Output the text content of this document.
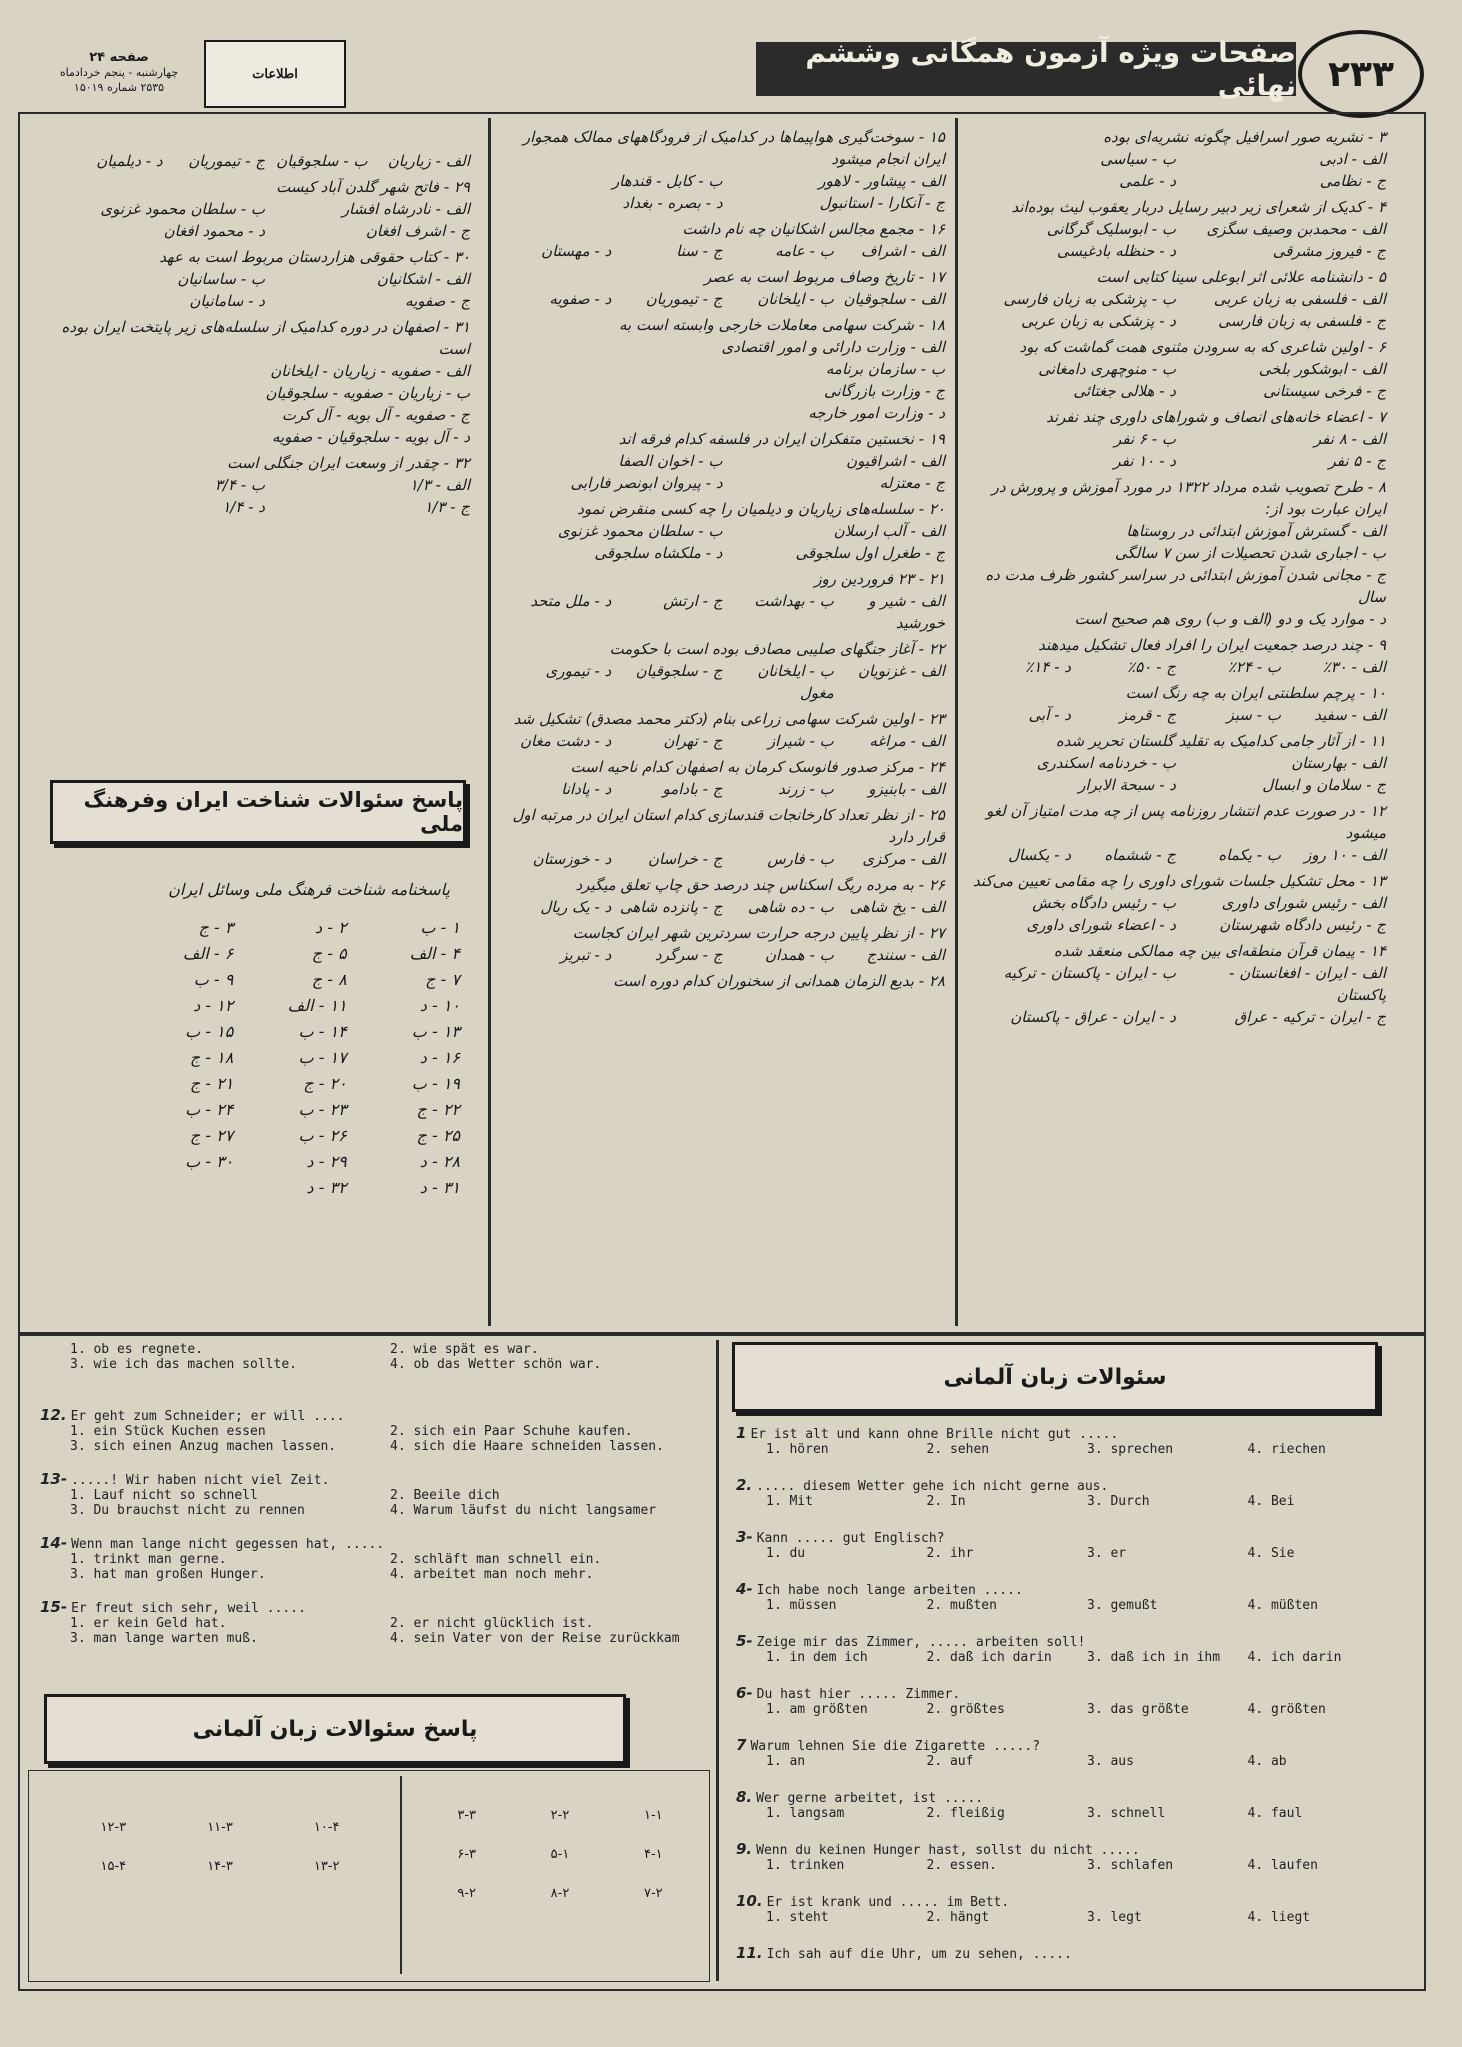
۲۳۳
صفحات ویژه آزمون همگانی وششم نهائی
اطلاعات
صفحه ۲۴
چهارشنبه - پنجم خردادماه
۲۵۳۵ شماره ۱۵۰۱۹
۳ - نشریه صور اسرافیل چگونه نشریه‌ای بوده
الف - ادبی
ب - سیاسی
ج - نظامی
د - علمی
۴ - کدیک از شعرای زیر دبیر رسایل دربار یعقوب لیث بوده‌اند
الف - محمدبن وصیف سگزی
ب - ابوسلیک گرگانی
ج - فیروز مشرقی
د - حنظله بادغیسی
۵ - دانشنامه علائی اثر ابوعلی سینا کتابی است
الف - فلسفی به زبان عربی
ب - پزشکی به زبان فارسی
ج - فلسفی به زبان فارسی
د - پزشکی به زبان عربی
۶ - اولین شاعری که به سرودن مثنوی همت گماشت که بود
الف - ابوشکور بلخی
ب - منوچهری دامغانی
ج - فرخی سیستانی
د - هلالی جغتائی
۷ - اعضاء خانه‌های انصاف و شوراهای داوری چند نفرند
الف - ۸ نفر
ب - ۶ نفر
ج - ۵ نفر
د - ۱۰ نفر
۸ - طرح تصویب شده مرداد ۱۳۲۲ در مورد آموزش و پرورش در ایران عبارت بود از:
الف - گسترش آموزش ابتدائی در روستاها
ب - اجباری شدن تحصیلات از سن ۷ سالگی
ج - مجانی شدن آموزش ابتدائی در سراسر کشور ظرف مدت ده سال
د - موارد یک و دو (الف و ب) روی هم صحیح است
۹ - چند درصد جمعیت ایران را افراد فعال تشکیل میدهند
الف - ۳۰٪
ب - ۲۴٪
ج - ۵۰٪
د - ۱۴٪
۱۰ - پرچم سلطنتی ایران به چه رنگ است
الف - سفید
ب - سبز
ج - قرمز
د - آبی
۱۱ - از آثار جامی کدامیک به تقلید گلستان تحریر شده
الف - بهارستان
ب - خردنامه اسکندری
ج - سلامان و ابسال
د - سبحة الابرار
۱۲ - در صورت عدم انتشار روزنامه پس از چه مدت امتیاز آن لغو میشود
الف - ۱۰ روز
ب - یکماه
ج - ششماه
د - یکسال
۱۳ - محل تشکیل جلسات شورای داوری را چه مقامی تعیین می‌کند
الف - رئیس شورای داوری
ب - رئیس دادگاه بخش
ج - رئیس دادگاه شهرستان
د - اعضاء شورای داوری
۱۴ - پیمان قرآن منطقه‌ای بین چه ممالکی منعقد شده
الف - ایران - افغانستان - پاکستان
ب - ایران - پاکستان - ترکیه
ج - ایران - ترکیه - عراق
د - ایران - عراق - پاکستان
۱۵ - سوخت‌گیری هواپیماها در کدامیک از فرودگاههای ممالک همجوار ایران انجام میشود
الف - پیشاور - لاهور
ب - کابل - قندهار
ج - آنکارا - استانبول
د - بصره - بغداد
۱۶ - مجمع مجالس اشکانیان چه نام داشت
الف - اشراف
ب - عامه
ج - سنا
د - مهستان
۱۷ - تاریخ وصاف مربوط است به عصر
الف - سلجوقیان
ب - ایلخانان
ج - تیموریان
د - صفویه
۱۸ - شرکت سهامی معاملات خارجی وابسته است به
الف - وزارت دارائی و امور اقتصادی
ب - سازمان برنامه
ج - وزارت بازرگانی
د - وزارت امور خارجه
۱۹ - نخستین متفکران ایران در فلسفه کدام فرقه اند
الف - اشراقیون
ب - اخوان الصفا
ج - معتزله
د - پیروان ابونصر فارابی
۲۰ - سلسله‌های زیاریان و دیلمیان را چه کسی منقرض نمود
الف - آلب ارسلان
ب - سلطان محمود غزنوی
ج - طغرل اول سلجوقی
د - ملکشاه سلجوقی
۲۱ - ۲۳ فروردین روز
الف - شیر و خورشید
ب - بهداشت
ج - ارتش
د - ملل متحد
۲۲ - آغاز جنگهای صلیبی مصادف بوده است با حکومت
الف - غزنویان
ب - ایلخانان مغول
ج - سلجوقیان
د - تیموری
۲۳ - اولین شرکت سهامی زراعی بنام (دکتر محمد مصدق) تشکیل شد
الف - مراغه
ب - شیراز
ج - تهران
د - دشت مغان
۲۴ - مرکز صدور فانوسک کرمان به اصفهان کدام ناحیه است
الف - بابنیزو
ب - زرند
ج - بادامو
د - پادانا
۲۵ - از نظر تعداد کارخانجات قندسازی کدام استان ایران در مرتبه اول قرار دارد
الف - مرکزی
ب - فارس
ج - خراسان
د - خوزستان
۲۶ - به مرده ریگ اسکناس چند درصد حق چاپ تعلق میگیرد
الف - یخ شاهی
ب - ده شاهی
ج - پانزده شاهی
د - یک ریال
۲۷ - از نظر پایین درجه حرارت سردترین شهر ایران کجاست
الف - سنندج
ب - همدان
ج - سرگرد
د - تبریز
۲۸ - بدیع الزمان همدانی از سخنوران کدام دوره است
الف - زیاریان
ب - سلجوقیان
ج - تیموریان
د - دیلمیان
۲۹ - فاتح شهر گلدن آباد کیست
الف - نادرشاه افشار
ب - سلطان محمود غزنوی
ج - اشرف افغان
د - محمود افغان
۳۰ - کتاب حقوقی هزاردستان مربوط است به عهد
الف - اشکانیان
ب - ساسانیان
ج - صفویه
د - سامانیان
۳۱ - اصفهان در دوره کدامیک از سلسله‌های زیر پایتخت ایران بوده است
الف - صفویه - زیاریان - ایلخانان
ب - زیاریان - صفویه - سلجوقیان
ج - صفویه - آل بویه - آل کرت
د - آل بویه - سلجوقیان - صفویه
۳۲ - چقدر از وسعت ایران جنگلی است
الف - ۱/۳
ب - ۳/۴
ج - ۱/۳
د - ۱/۴
پاسخ سئوالات شناخت ایران وفرهنگ ملی
پاسخنامه شناخت فرهنگ ملی وسائل ایران
۱ - ب
۲ - د
۳ - ج
۴ - الف
۵ - ج
۶ - الف
۷ - ج
۸ - ج
۹ - ب
۱۰ - د
۱۱ - الف
۱۲ - د
۱۳ - ب
۱۴ - ب
۱۵ - ب
۱۶ - د
۱۷ - ب
۱۸ - ج
۱۹ - ب
۲۰ - ج
۲۱ - ج
۲۲ - ج
۲۳ - ب
۲۴ - ب
۲۵ - ج
۲۶ - ب
۲۷ - ج
۲۸ - د
۲۹ - د
۳۰ - ب
۳۱ - د
۳۲ - د
سئوالات زبان آلمانی
1 Er ist alt und kann ohne Brille nicht gut .....
1. hören	2. sehen	3. sprechen	4. riechen
2. ..... diesem Wetter gehe ich nicht gerne aus.
1. Mit	2. In	3. Durch	4. Bei
3- Kann ..... gut Englisch?
1. du	2. ihr	3. er	4. Sie
4- Ich habe noch lange arbeiten .....
1. müssen	2. mußten	3. gemußt	4. müßten
5- Zeige mir das Zimmer, ..... arbeiten soll!
1. in dem ich	2. daß ich darin	3. daß ich in ihm	4. ich darin
6- Du hast hier ..... Zimmer.
1. am größten	2. größtes	3. das größte	4. größten
7 Warum lehnen Sie die Zigarette .....?
1. an	2. auf	3. aus	4. ab
8. Wer gerne arbeitet, ist .....
1. langsam	2. fleißig	3. schnell	4. faul
9. Wenn du keinen Hunger hast, sollst du nicht .....
1. trinken	2. essen.	3. schlafen	4. laufen
10. Er ist krank und ..... im Bett.
1. steht	2. hängt	3. legt	4. liegt
11. Ich sah auf die Uhr, um zu sehen, .....
1. ob es regnete.	2. wie spät es war.
3. wie ich das machen sollte.	4. ob das Wetter schön war.
12. Er geht zum Schneider; er will ....
1. ein Stück Kuchen essen	2. sich ein Paar Schuhe kaufen.
3. sich einen Anzug machen lassen.	4. sich die Haare schneiden lassen.
13- .....! Wir haben nicht viel Zeit.
1. Lauf nicht so schnell	2. Beeile dich
3. Du brauchst nicht zu rennen	4. Warum läufst du nicht langsamer
14- Wenn man lange nicht gegessen hat, .....
1. trinkt man gerne.	2. schläft man schnell ein.
3. hat man großen Hunger.	4. arbeitet man noch mehr.
15- Er freut sich sehr, weil .....
1. er kein Geld hat.	2. er nicht glücklich ist.
3. man lange warten muß.	4. sein Vater von der Reise zurückkam
پاسخ سئوالات زبان آلمانی
۱-۱
۲-۲
۳-۳
۴-۱
۵-۱
۶-۳
۷-۲
۸-۲
۹-۲
۱۰-۴
۱۱-۳
۱۲-۳
۱۳-۲
۱۴-۳
۱۵-۴
